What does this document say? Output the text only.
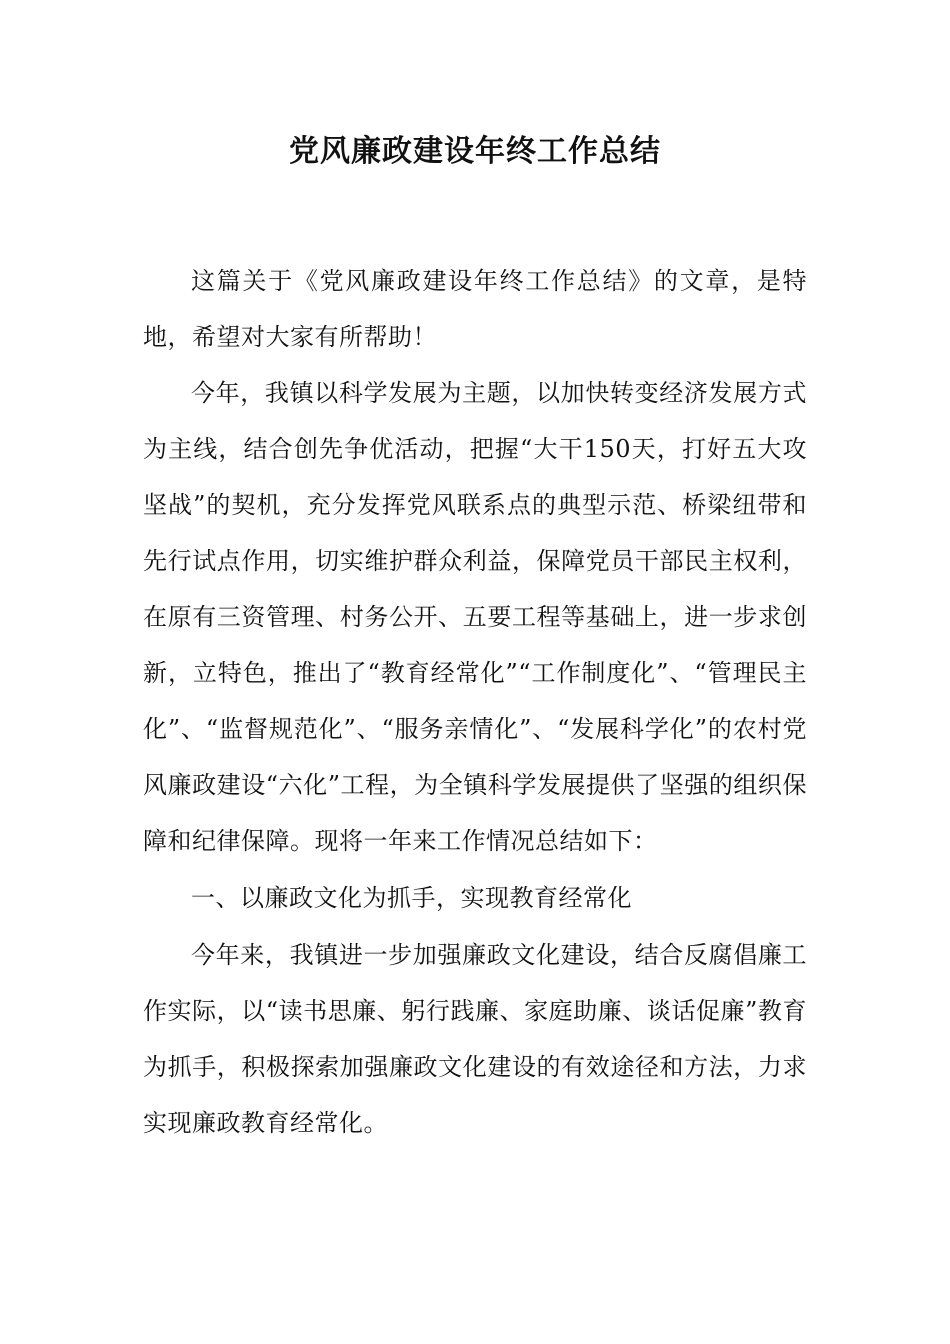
党风廉政建设年终工作总结

这篇关于《党风廉政建设年终工作总结》的文章，是特地，希望对大家有所帮助！

今年，我镇以科学发展为主题，以加快转变经济发展方式为主线，结合创先争优活动，把握“大干150天，打好五大攻坚战”的契机，充分发挥党风联系点的典型示范、桥梁纽带和先行试点作用，切实维护群众利益，保障党员干部民主权利，在原有三资管理、村务公开、五要工程等基础上，进一步求创新，立特色，推出了“教育经常化”“工作制度化”、“管理民主化”、“监督规范化”、“服务亲情化”、“发展科学化”的农村党风廉政建设“六化”工程，为全镇科学发展提供了坚强的组织保障和纪律保障。现将一年来工作情况总结如下：

一、以廉政文化为抓手，实现教育经常化

今年来，我镇进一步加强廉政文化建设，结合反腐倡廉工作实际，以“读书思廉、躬行践廉、家庭助廉、谈话促廉”教育为抓手，积极探索加强廉政文化建设的有效途径和方法，力求实现廉政教育经常化。
